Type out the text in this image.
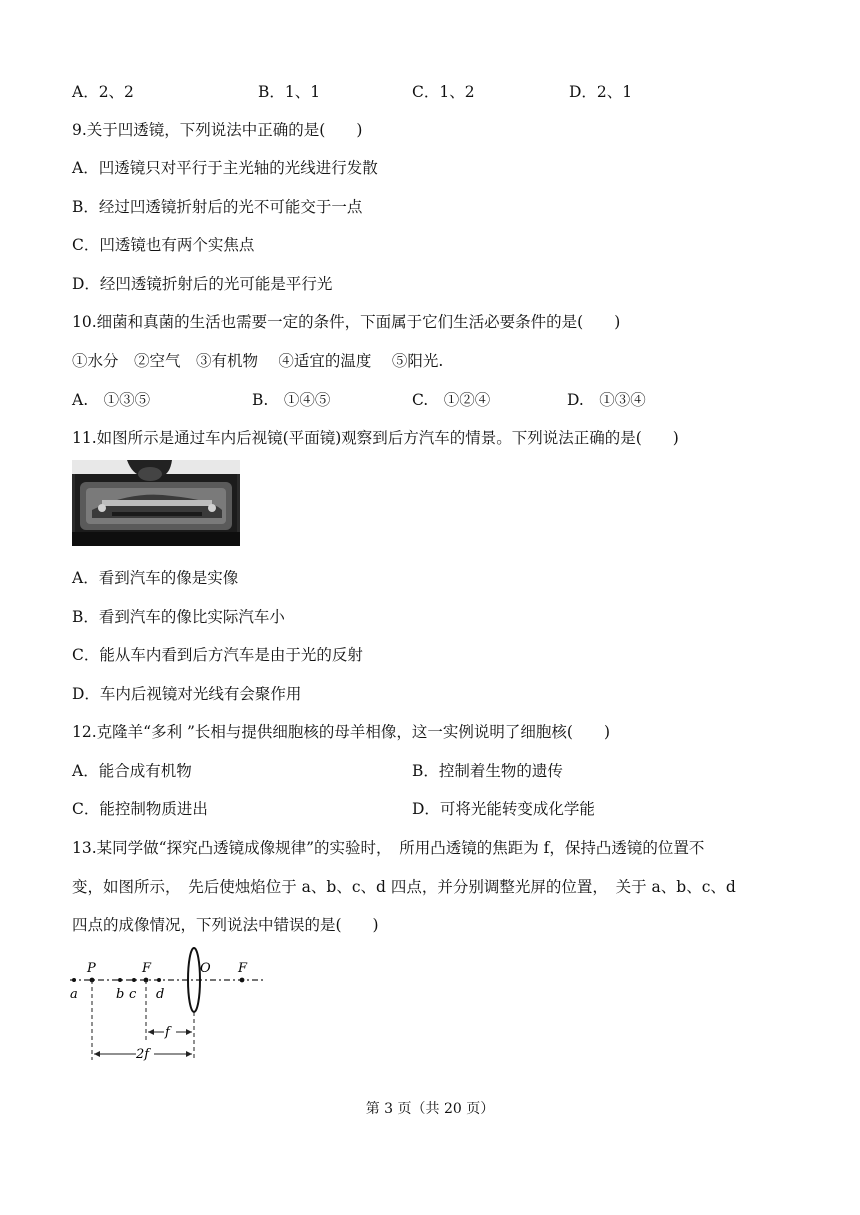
A．2、2	B．1、1	C．1、2	D．2、1
9.关于凹透镜，下列说法中正确的是(　　)
A．凹透镜只对平行于主光轴的光线进行发散
B．经过凹透镜折射后的光不可能交于一点
C．凹透镜也有两个实焦点
D．经凹透镜折射后的光可能是平行光
10.细菌和真菌的生活也需要一定的条件，下面属于它们生活必要条件的是(　　)
①水分　②空气　③有机物　 ④适宜的温度　 ⑤阳光.
A.　①③⑤	B.　①④⑤	C.　①②④	D.　①③④
11.如图所示是通过车内后视镜(平面镜)观察到后方汽车的情景。下列说法正确的是(　　)
A．看到汽车的像是实像
B．看到汽车的像比实际汽车小
C．能从车内看到后方汽车是由于光的反射
D．车内后视镜对光线有会聚作用
12.克隆羊“多利 ”长相与提供细胞核的母羊相像，这一实例说明了细胞核(　　)
A．能合成有机物	B．控制着生物的遗传
C．能控制物质进出	D．可将光能转变成化学能
13.某同学做“探究凸透镜成像规律”的实验时，　所用凸透镜的焦距为 f，保持凸透镜的位置不
变，如图所示，　先后使烛焰位于 a、b、c、d 四点，并分别调整光屏的位置，　关于 a、b、c、d
四点的成像情况，下列说法中错误的是(　　)
P	F	O F
a	b c d
f
2f
第 3 页（共 20 页）
